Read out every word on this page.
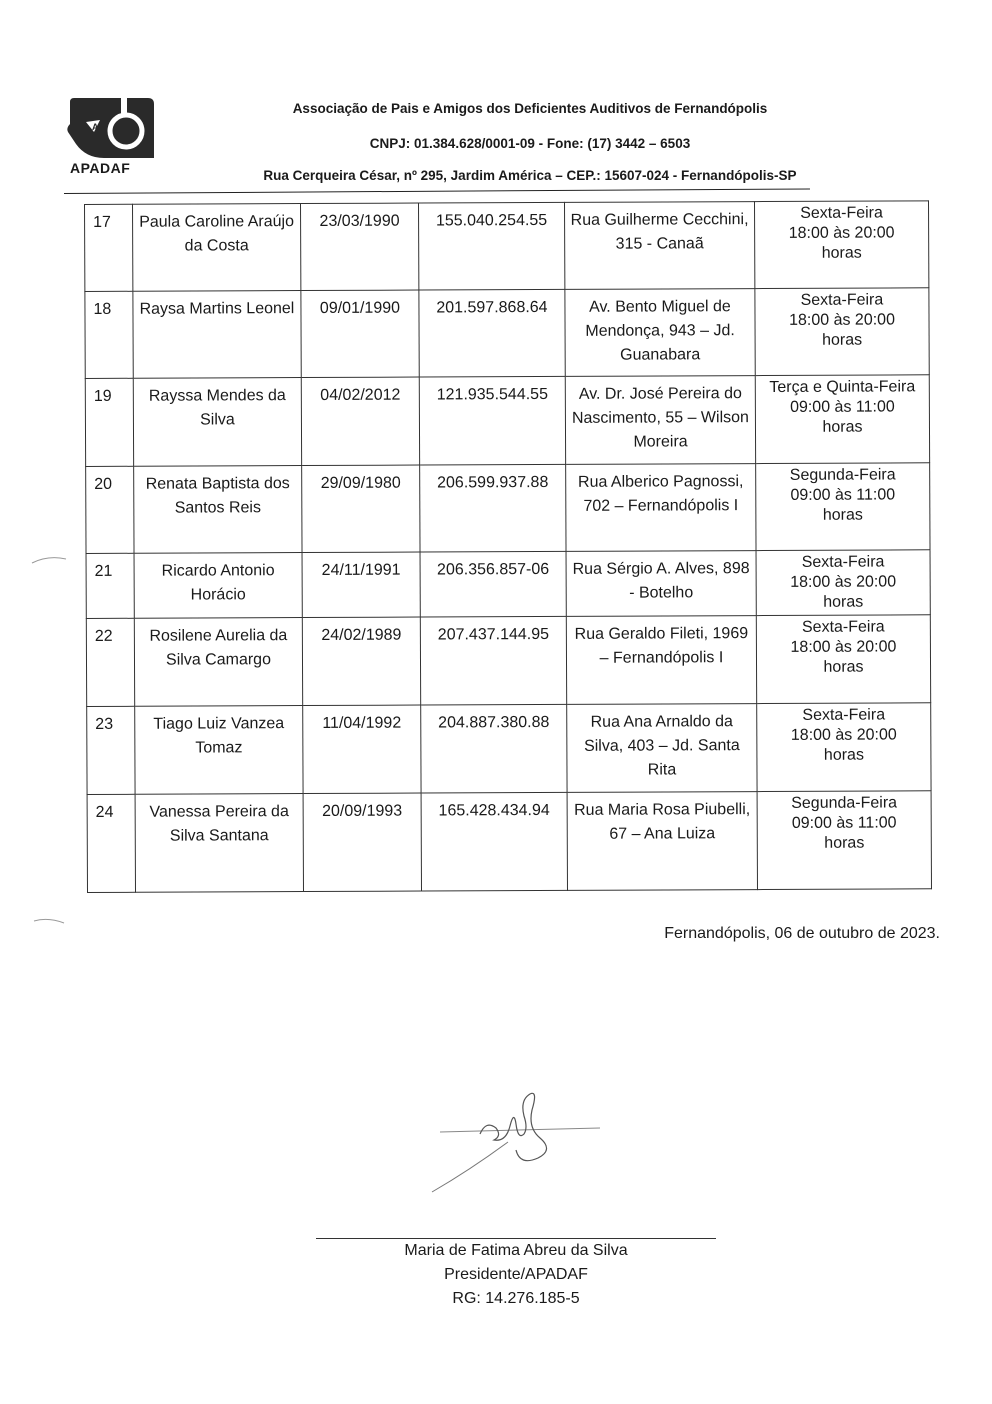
A
APADAF
Associação de Pais e Amigos dos Deficientes Auditivos de Fernandópolis
CNPJ: 01.384.628/0001-09 - Fone: (17) 3442 – 6503
Rua Cerqueira César, nº 295, Jardim América – CEP.: 15607-024 - Fernandópolis-SP
17	Paula Caroline Araújo da Costa	23/03/1990	155.040.254.55	Rua Guilherme Cecchini, 315 - Canaã	Sexta-Feira
18:00 às 20:00
horas

18	Raysa Martins Leonel	09/01/1990	201.597.868.64	Av. Bento Miguel de Mendonça, 943 – Jd. Guanabara	Sexta-Feira
18:00 às 20:00
horas

19	Rayssa Mendes da Silva	04/02/2012	121.935.544.55	Av. Dr. José Pereira do Nascimento, 55 – Wilson Moreira	Terça e Quinta-Feira
09:00 às 11:00
horas

20	Renata Baptista dos Santos Reis	29/09/1980	206.599.937.88	Rua Alberico Pagnossi, 702 – Fernandópolis I	Segunda-Feira
09:00 às 11:00
horas

21	Ricardo Antonio Horácio	24/11/1991	206.356.857-06	Rua Sérgio A. Alves, 898 - Botelho	Sexta-Feira
18:00 às 20:00
horas

22	Rosilene Aurelia da Silva Camargo	24/02/1989	207.437.144.95	Rua Geraldo Fileti, 1969 – Fernandópolis I	Sexta-Feira
18:00 às 20:00
horas

23	Tiago Luiz Vanzea Tomaz	11/04/1992	204.887.380.88	Rua Ana Arnaldo da Silva, 403 – Jd. Santa Rita	Sexta-Feira
18:00 às 20:00
horas

24	Vanessa Pereira da Silva Santana	20/09/1993	165.428.434.94	Rua Maria Rosa Piubelli, 67 – Ana Luiza	Segunda-Feira
09:00 às 11:00
horas
Fernandópolis, 06 de outubro de 2023.
Maria de Fatima Abreu da Silva
Presidente/APADAF
RG: 14.276.185-5
